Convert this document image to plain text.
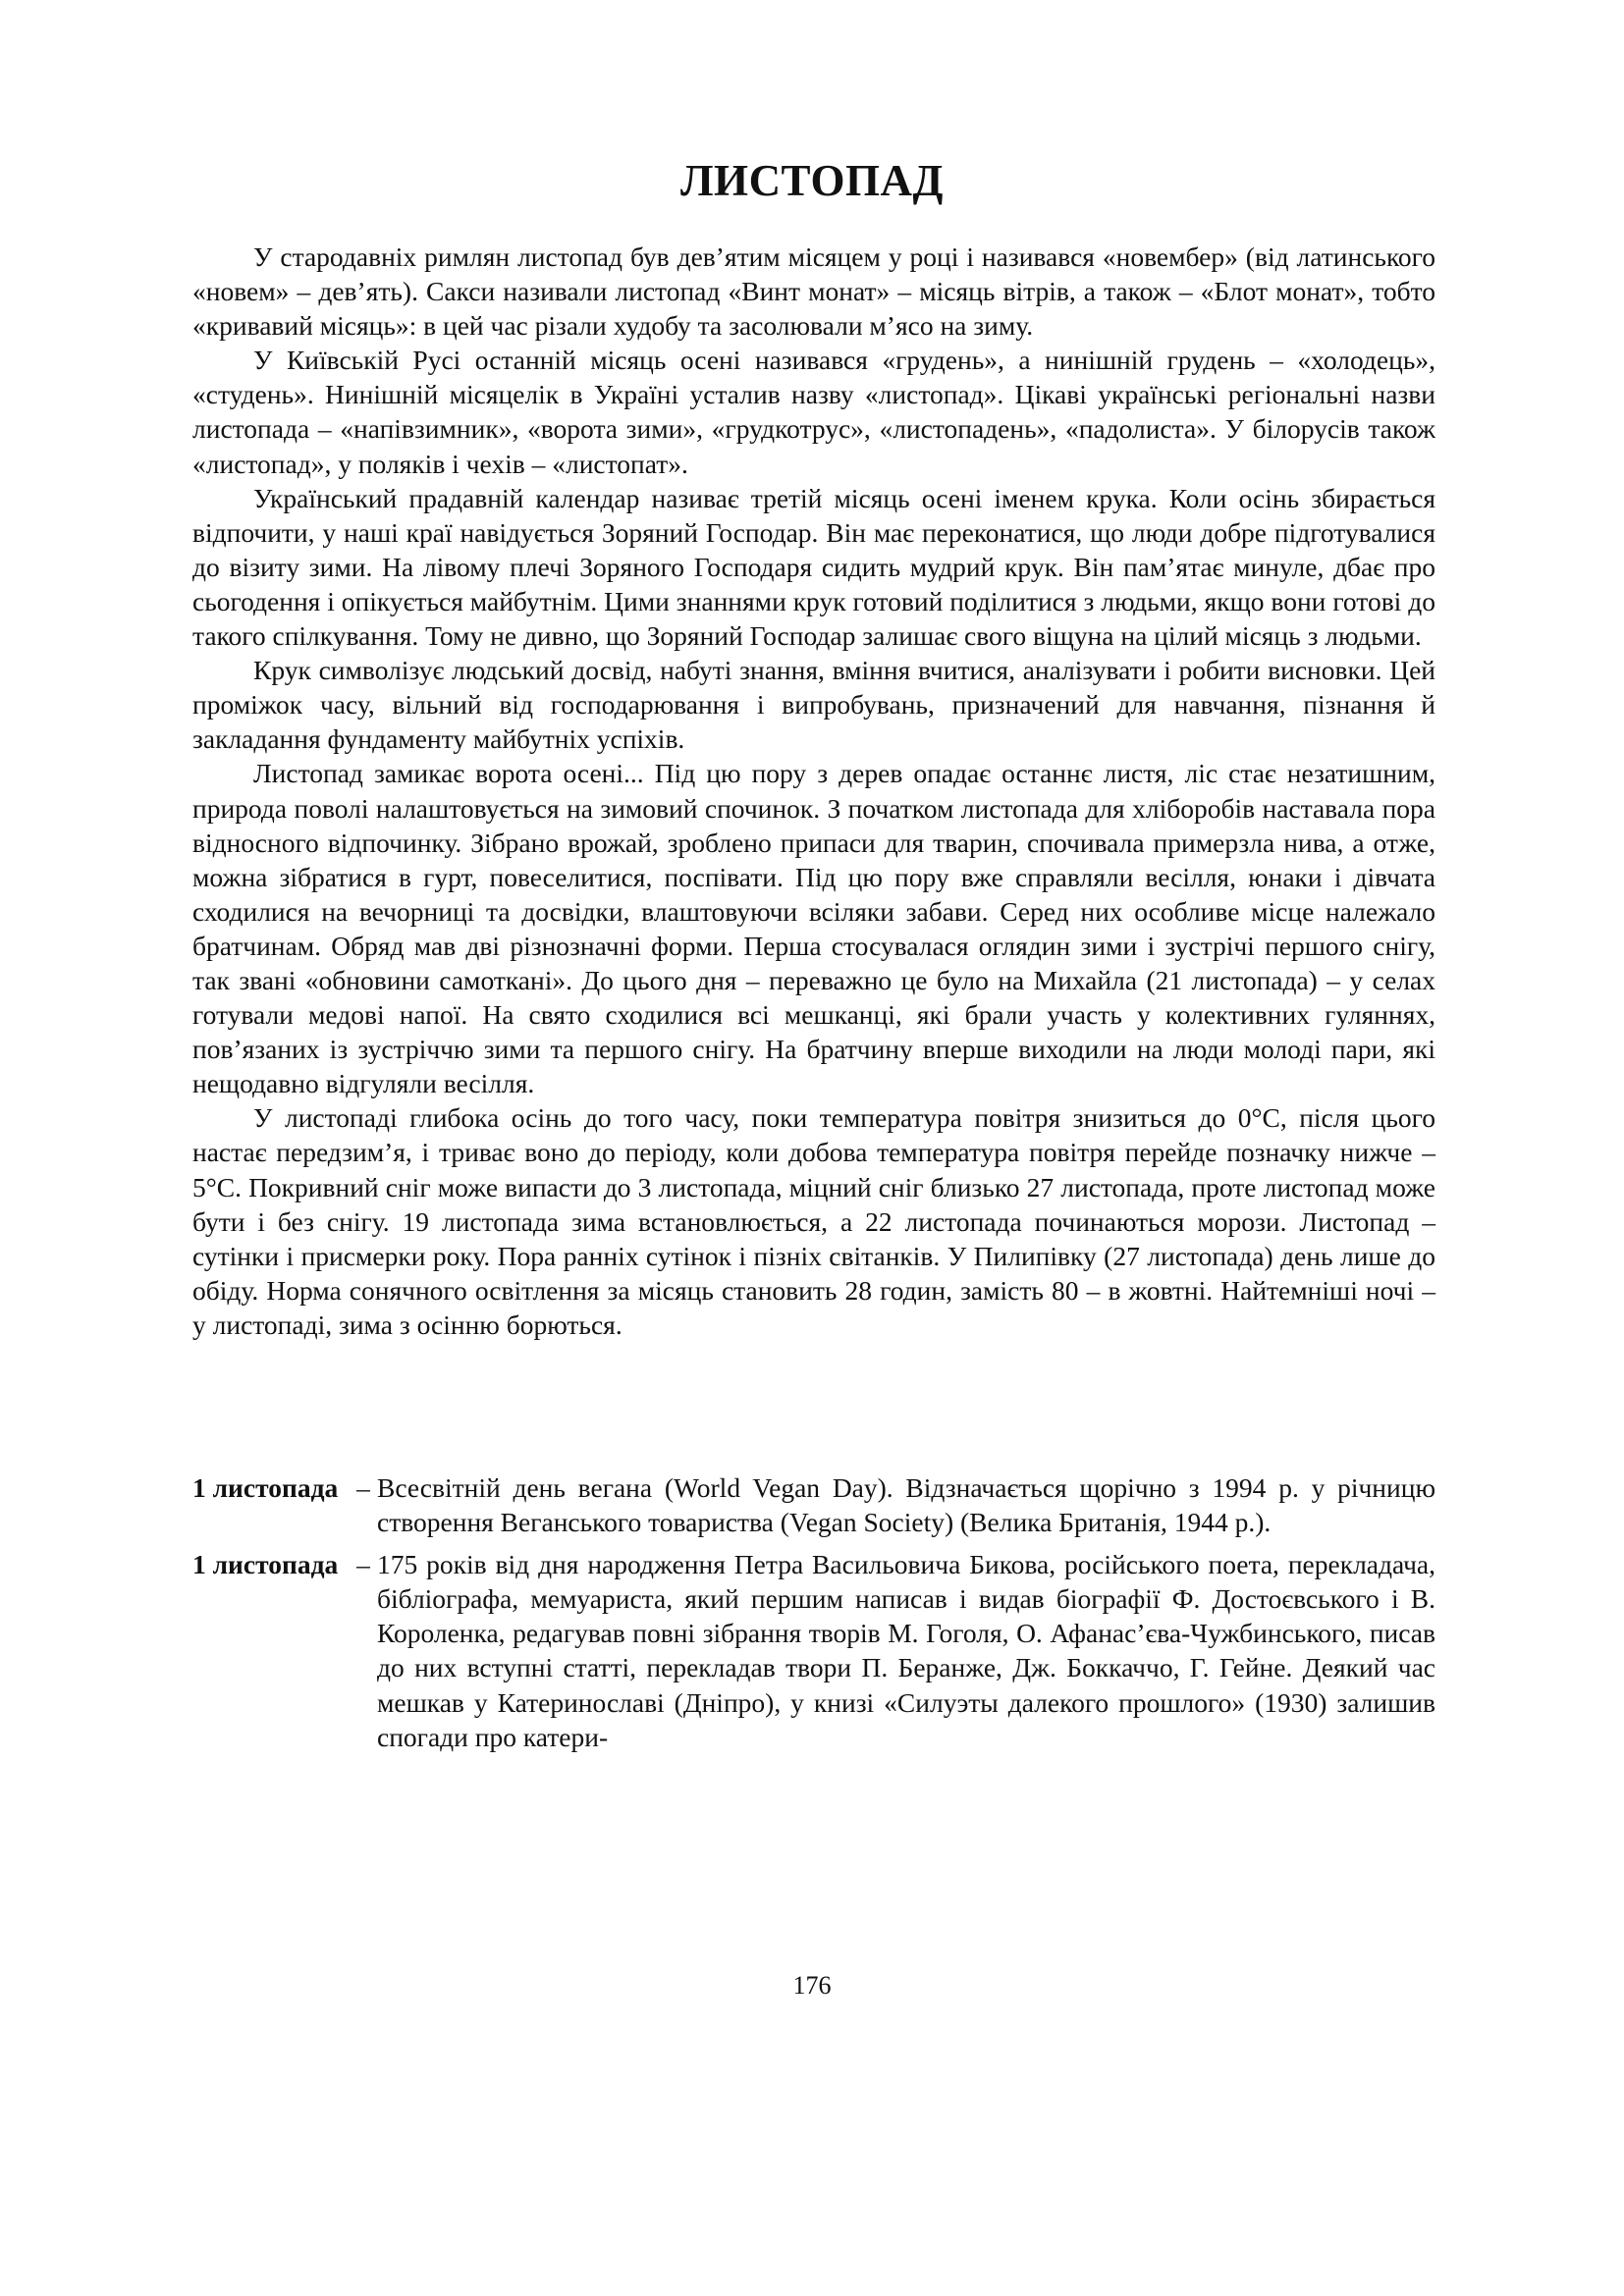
ЛИСТОПАД

У стародавніх римлян листопад був дев’ятим місяцем у році і називався «новембер» (від латинського «новем» – дев’ять). Сакси називали листопад «Винт монат» – місяць вітрів, а також – «Блот монат», тобто «кривавий місяць»: в цей час різали худобу та засолювали м’ясо на зиму.

У Київській Русі останній місяць осені називався «грудень», а нинішній грудень – «холодець», «студень». Нинішній місяцелік в Україні усталив назву «листопад». Цікаві українські регіональні назви листопада – «напівзимник», «ворота зими», «грудкотрус», «листопадень», «падолиста». У білорусів також «листопад», у поляків і чехів – «листопат».

Український прадавній календар називає третій місяць осені іменем крука. Коли осінь збирається відпочити, у наші краї навідується Зоряний Господар. Він має переконатися, що люди добре підготувалися до візиту зими. На лівому плечі Зоряного Господаря сидить мудрий крук. Він пам’ятає минуле, дбає про сьогодення і опікується майбутнім. Цими знаннями крук готовий поділитися з людьми, якщо вони готові до такого спілкування. Тому не дивно, що Зоряний Господар залишає свого віщуна на цілий місяць з людьми.

Крук символізує людський досвід, набуті знання, вміння вчитися, аналізувати і робити висновки. Цей проміжок часу, вільний від господарювання і випробувань, призначений для навчання, пізнання й закладання фундаменту майбутніх успіхів.

Листопад замикає ворота осені... Під цю пору з дерев опадає останнє листя, ліс стає незатишним, природа поволі налаштовується на зимовий спочинок. З початком листопада для хліборобів наставала пора відносного відпочинку. Зібрано врожай, зроблено припаси для тварин, спочивала примерзла нива, а отже, можна зібратися в гурт, повеселитися, поспівати. Під цю пору вже справляли весілля, юнаки і дівчата сходилися на вечорниці та досвідки, влаштовуючи всіляки забави. Серед них особливе місце належало братчинам. Обряд мав дві різнозначні форми. Перша стосувалася оглядин зими і зустрічі першого снігу, так звані «обновини самоткані». До цього дня – переважно це було на Михайла (21 листопада) – у селах готували медові напої. На свято сходилися всі мешканці, які брали участь у колективних гуляннях, пов’язаних із зустріччю зими та першого снігу. На братчину вперше виходили на люди молоді пари, які нещодавно відгуляли весілля.

У листопаді глибока осінь до того часу, поки температура повітря знизиться до 0°C, після цього настає передзим’я, і триває воно до періоду, коли добова температура повітря перейде позначку нижче – 5°C. Покривний сніг може випасти до 3 листопада, міцний сніг близько 27 листопада, проте листопад може бути і без снігу. 19 листопада зима встановлюється, а 22 листопада починаються морози. Листопад – сутінки і присмерки року. Пора ранніх сутінок і пізніх світанків. У Пилипівку (27 листопада) день лише до обіду. Норма сонячного освітлення за місяць становить 28 годин, замість 80 – в жовтні. Найтемніші ночі – у листопаді, зима з осінню борються.

1 листопада – Всесвітній день вегана (World Vegan Day). Відзначається щорічно з 1994 р. у річницю створення Веганського товариства (Vegan Society) (Велика Британія, 1944 р.).
1 листопада – 175 років від дня народження Петра Васильовича Бикова, російського поета, перекладача, бібліографа, мемуариста, який першим написав і видав біографії Ф. Достоєвського і В. Короленка, редагував повні зібрання творів М. Гоголя, О. Афанас’єва-Чужбинського, писав до них вступні статті, перекладав твори П. Беранже, Дж. Боккаччо, Г. Гейне. Деякий час мешкав у Катеринославі (Дніпро), у книзі «Силуэты далекого прошлого» (1930) залишив спогади про катери-
176
